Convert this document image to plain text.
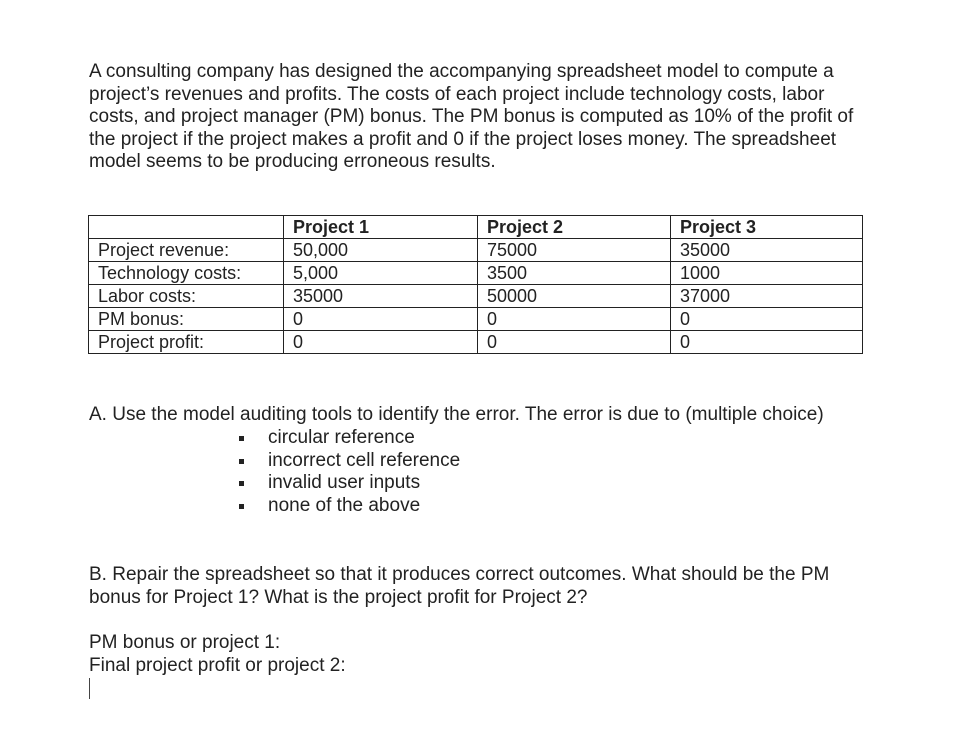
A consulting company has designed the accompanying spreadsheet model to compute a project’s revenues and profits. The costs of each project include technology costs, labor costs, and project manager (PM) bonus. The PM bonus is computed as 10% of the profit of the project if the project makes a profit and 0 if the project loses money. The spreadsheet model seems to be producing erroneous results.

	Project 1	Project 2	Project 3
Project revenue:	50,000	75000	35000
Technology costs:	5,000	3500	1000
Labor costs:	35000	50000	37000
PM bonus:	0	0	0
Project profit:	0	0	0

A. Use the model auditing tools to identify the error. The error is due to (multiple choice)

circular reference
incorrect cell reference
invalid user inputs
none of the above

B. Repair the spreadsheet so that it produces correct outcomes. What should be the PM bonus for Project 1? What is the project profit for Project 2?

PM bonus or project 1:
Final project profit or project 2:
